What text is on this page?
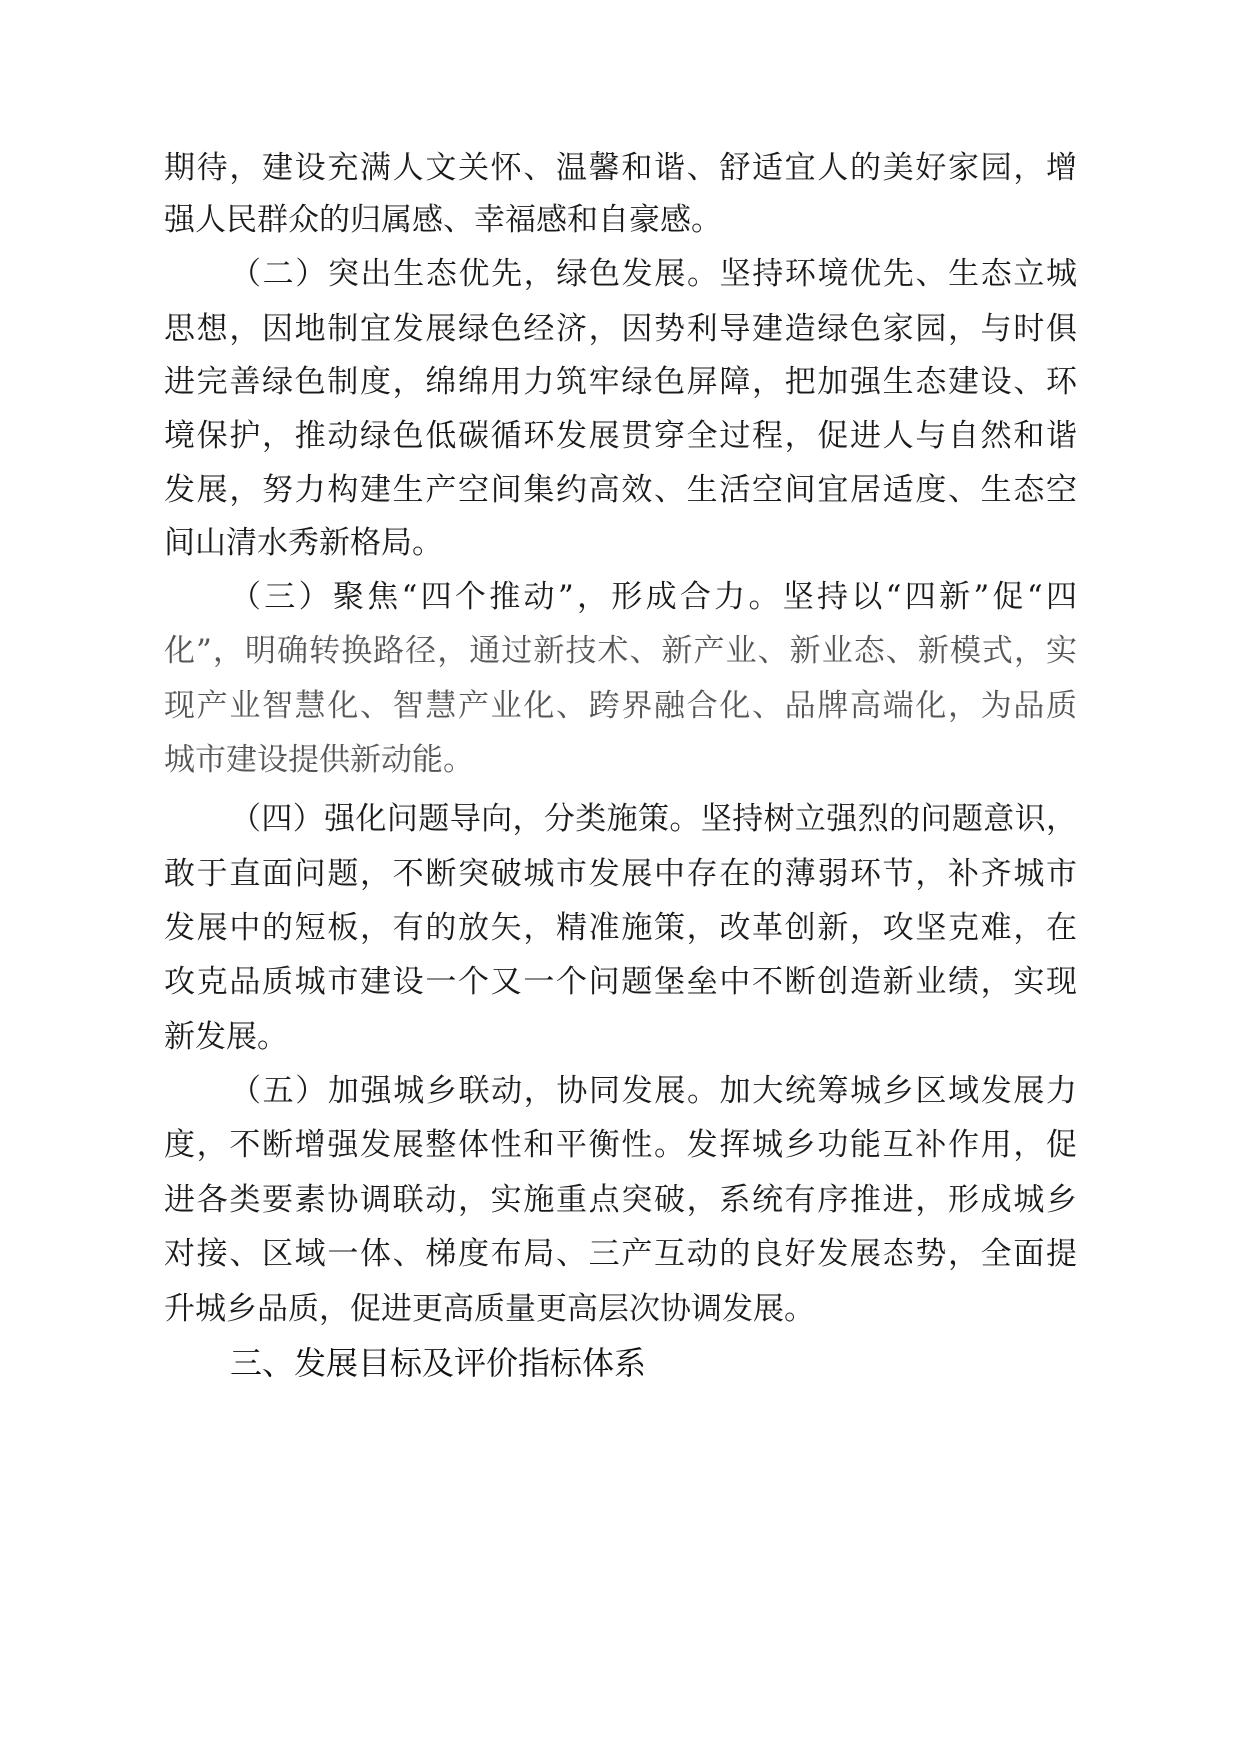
期待，建设充满人文关怀、温馨和谐、舒适宜人的美好家园，增
强人民群众的归属感、幸福感和自豪感。
（二）突出生态优先，绿色发展。坚持环境优先、生态立城
思想，因地制宜发展绿色经济，因势利导建造绿色家园，与时俱
进完善绿色制度，绵绵用力筑牢绿色屏障，把加强生态建设、环
境保护，推动绿色低碳循环发展贯穿全过程，促进人与自然和谐
发展，努力构建生产空间集约高效、生活空间宜居适度、生态空
间山清水秀新格局。
（三）聚焦“四个推动”，形成合力。坚持以“四新”促“四
化”，明确转换路径，通过新技术、新产业、新业态、新模式，实
现产业智慧化、智慧产业化、跨界融合化、品牌高端化，为品质
城市建设提供新动能。
（四）强化问题导向，分类施策。坚持树立强烈的问题意识，
敢于直面问题，不断突破城市发展中存在的薄弱环节，补齐城市
发展中的短板，有的放矢，精准施策，改革创新，攻坚克难，在
攻克品质城市建设一个又一个问题堡垒中不断创造新业绩，实现
新发展。
（五）加强城乡联动，协同发展。加大统筹城乡区域发展力
度，不断增强发展整体性和平衡性。发挥城乡功能互补作用，促
进各类要素协调联动，实施重点突破，系统有序推进，形成城乡
对接、区域一体、梯度布局、三产互动的良好发展态势，全面提
升城乡品质，促进更高质量更高层次协调发展。
三、发展目标及评价指标体系
